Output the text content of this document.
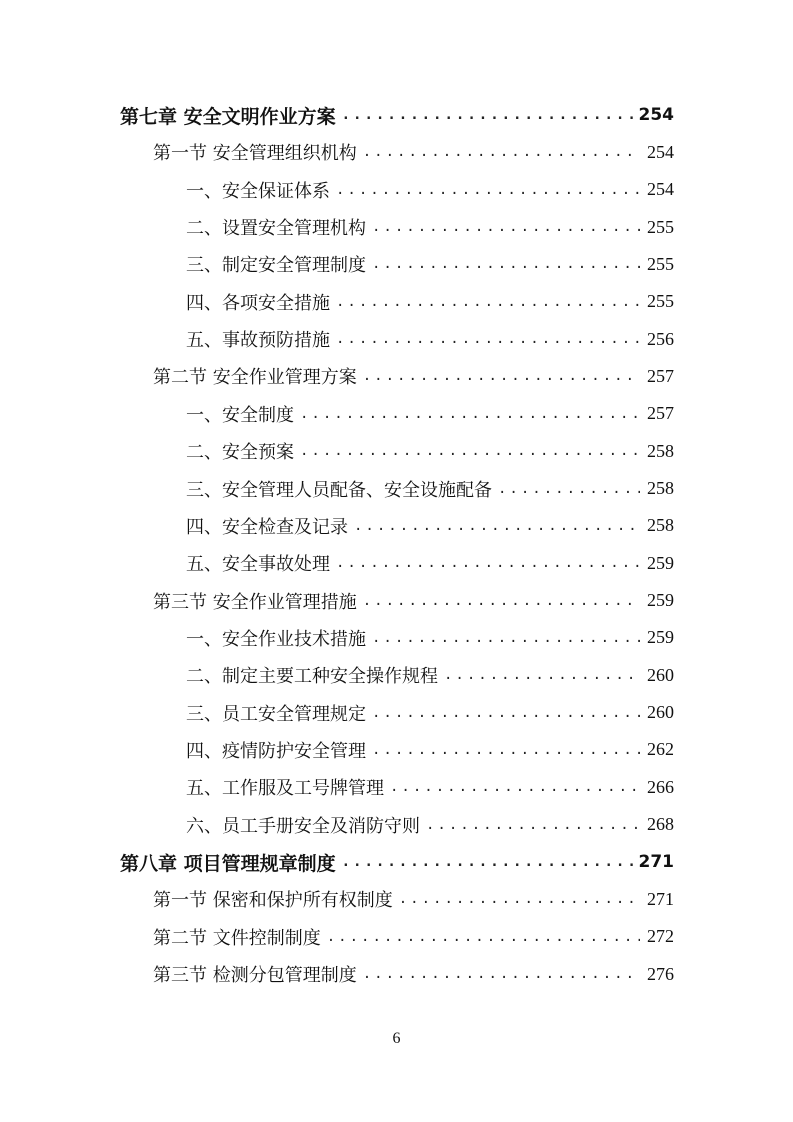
第七章 安全文明作业方案 .....	254
第一节 安全管理组织机构 .....	254
一、安全保证体系 .....	254
二、设置安全管理机构 .....	255
三、制定安全管理制度 .....	255
四、各项安全措施 .....	255
五、事故预防措施 .....	256
第二节 安全作业管理方案 .....	257
一、安全制度 .....	257
二、安全预案 .....	258
三、安全管理人员配备、安全设施配备 .....	258
四、安全检查及记录 .....	258
五、安全事故处理 .....	259
第三节 安全作业管理措施 .....	259
一、安全作业技术措施 .....	259
二、制定主要工种安全操作规程 .....	260
三、员工安全管理规定 .....	260
四、疫情防护安全管理 .....	262
五、工作服及工号牌管理 .....	266
六、员工手册安全及消防守则 .....	268
第八章 项目管理规章制度 .....	271
第一节 保密和保护所有权制度 .....	271
第二节 文件控制制度 .....	272
第三节 检测分包管理制度 .....	276
6
